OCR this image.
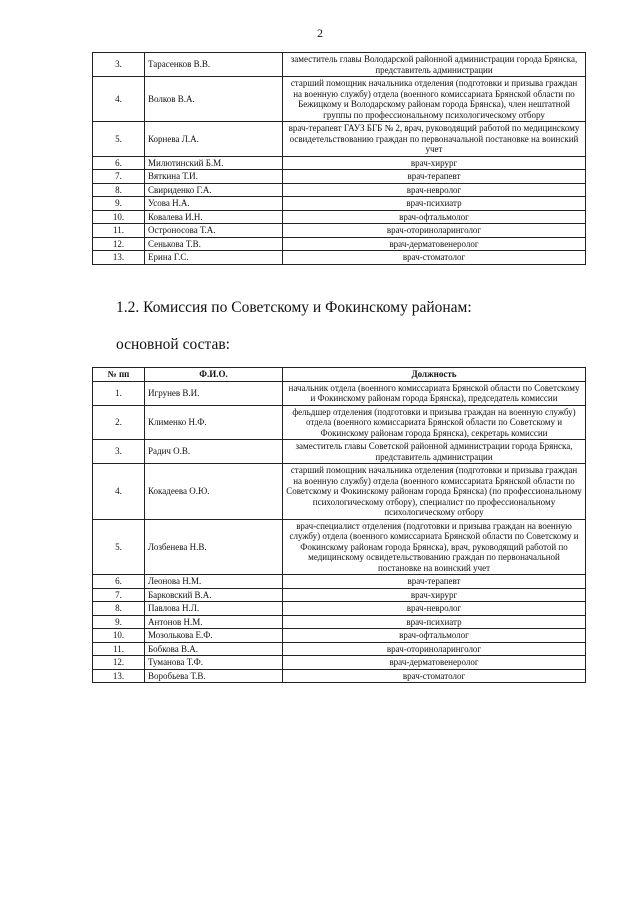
2
3.	Тарасенков В.В.	заместитель главы Володарской районной администрации города Брянска, представитель администрации
4.	Волков В.А.	старший помощник начальника отделения (подготовки и призыва граждан на военную службу) отдела (военного комиссариата Брянской области по Бежицкому и Володарскому районам города Брянска), член нештатной группы по профессиональному психологическому отбору
5.	Корнева Л.А.	врач-терапевт ГАУЗ БГБ № 2, врач, руководящий работой по медицинскому освидетельствованию граждан по первоначальной постановке на воинский учет
6.	Милютинский Б.М.	врач-хирург
7.	Вяткина Т.И.	врач-терапевт
8.	Свириденко Г.А.	врач-невролог
9.	Усова Н.А.	врач-психиатр
10.	Ковалева И.Н.	врач-офтальмолог
11.	Остроносова Т.А.	врач-оториноларинголог
12.	Сенькова Т.В.	врач-дерматовенеролог
13.	Ерина Г.С.	врач-стоматолог
1.2. Комиссия по Советскому и Фокинскому районам:
основной состав:
№ пп	Ф.И.О.	Должность
1.	Игрунев В.И.	начальник отдела (военного комиссариата Брянской области по Советскому и Фокинскому районам города Брянска), председатель комиссии
2.	Клименко Н.Ф.	фельдшер отделения (подготовки и призыва граждан на военную службу) отдела (военного комиссариата Брянской области по Советскому и Фокинскому районам города Брянска), секретарь комиссии
3.	Радич О.В.	заместитель главы Советской районной администрации города Брянска, представитель администрации
4.	Кокадеева О.Ю.	старший помощник начальника отделения (подготовки и призыва граждан на военную службу) отдела (военного комиссариата Брянской области по Советскому и Фокинскому районам города Брянска) (по профессиональному психологическому отбору), специалист по профессиональному психологическому отбору
5.	Лозбенева Н.В.	врач-специалист отделения (подготовки и призыва граждан на военную службу) отдела (военного комиссариата Брянской области по Советскому и Фокинскому районам города Брянска), врач, руководящий работой по медицинскому освидетельствованию граждан по первоначальной постановке на воинский учет
6.	Леонова Н.М.	врач-терапевт
7.	Барковский В.А.	врач-хирург
8.	Павлова Н.Л.	врач-невролог
9.	Антонов Н.М.	врач-психиатр
10.	Мозолькова Е.Ф.	врач-офтальмолог
11.	Бобкова В.А.	врач-оториноларинголог
12.	Туманова Т.Ф.	врач-дерматовенеролог
13.	Воробьева Т.В.	врач-стоматолог
